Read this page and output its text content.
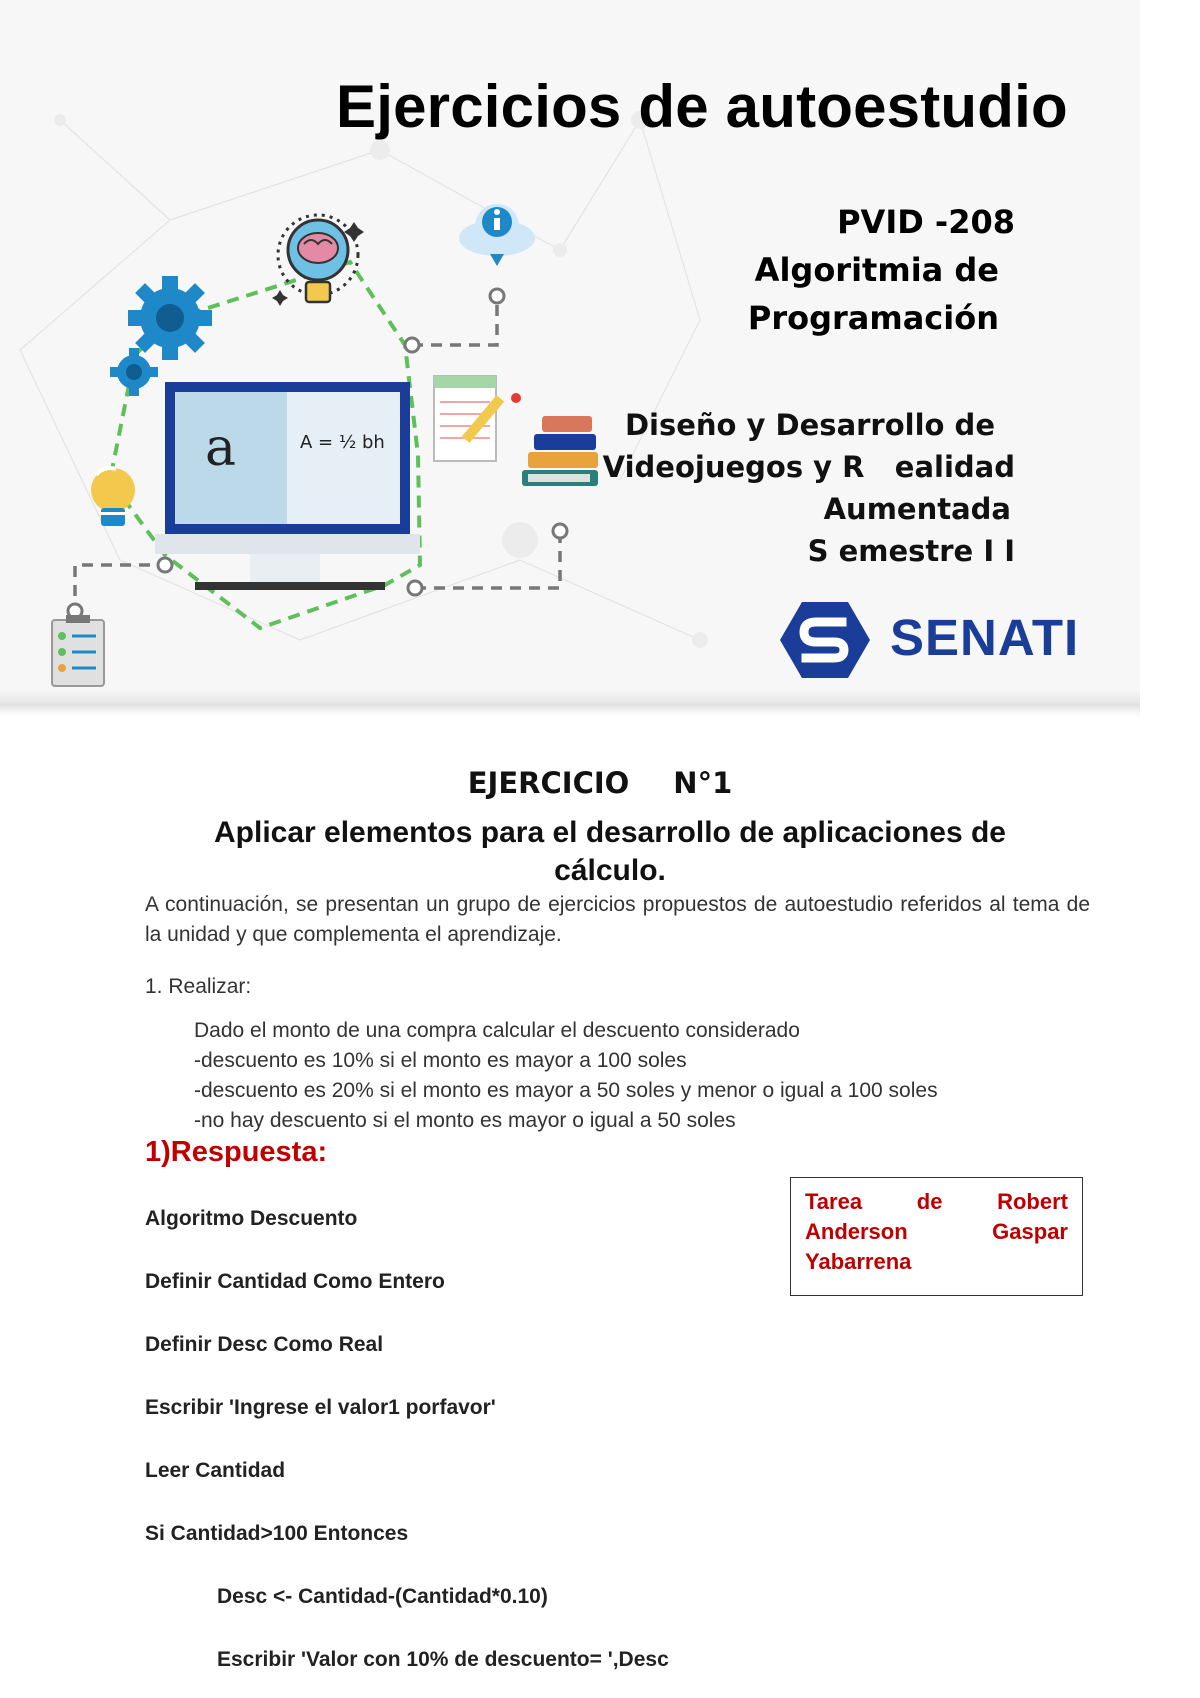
a	A = ½ bh
Ejercicios de autoestudio
PVID -208
Algoritmia de
Programación
Diseño y Desarrollo de
Videojuegos y R   ealidad
Aumentada
S emestre I I
SENATI
EJERCICIO N°1
Aplicar elementos para el desarrollo de aplicaciones de cálculo.
A continuación, se presentan un grupo de ejercicios propuestos de autoestudio referidos al tema de la unidad y que complementa el aprendizaje.
1. Realizar:
Dado el monto de una compra calcular el descuento considerado
-descuento es 10% si el monto es mayor a 100 soles
-descuento es 20% si el monto es mayor a 50 soles y menor o igual a 100 soles
-no hay descuento si el monto es mayor o igual a 50 soles
1)Respuesta:
Tarea de Robert
Anderson	Gaspar
Yabarrena
Algoritmo Descuento
Definir Cantidad Como Entero
Definir Desc Como Real
Escribir 'Ingrese el valor1 porfavor'
Leer Cantidad
Si Cantidad>100 Entonces
Desc <- Cantidad-(Cantidad*0.10)
Escribir 'Valor con 10% de descuento= ',Desc
